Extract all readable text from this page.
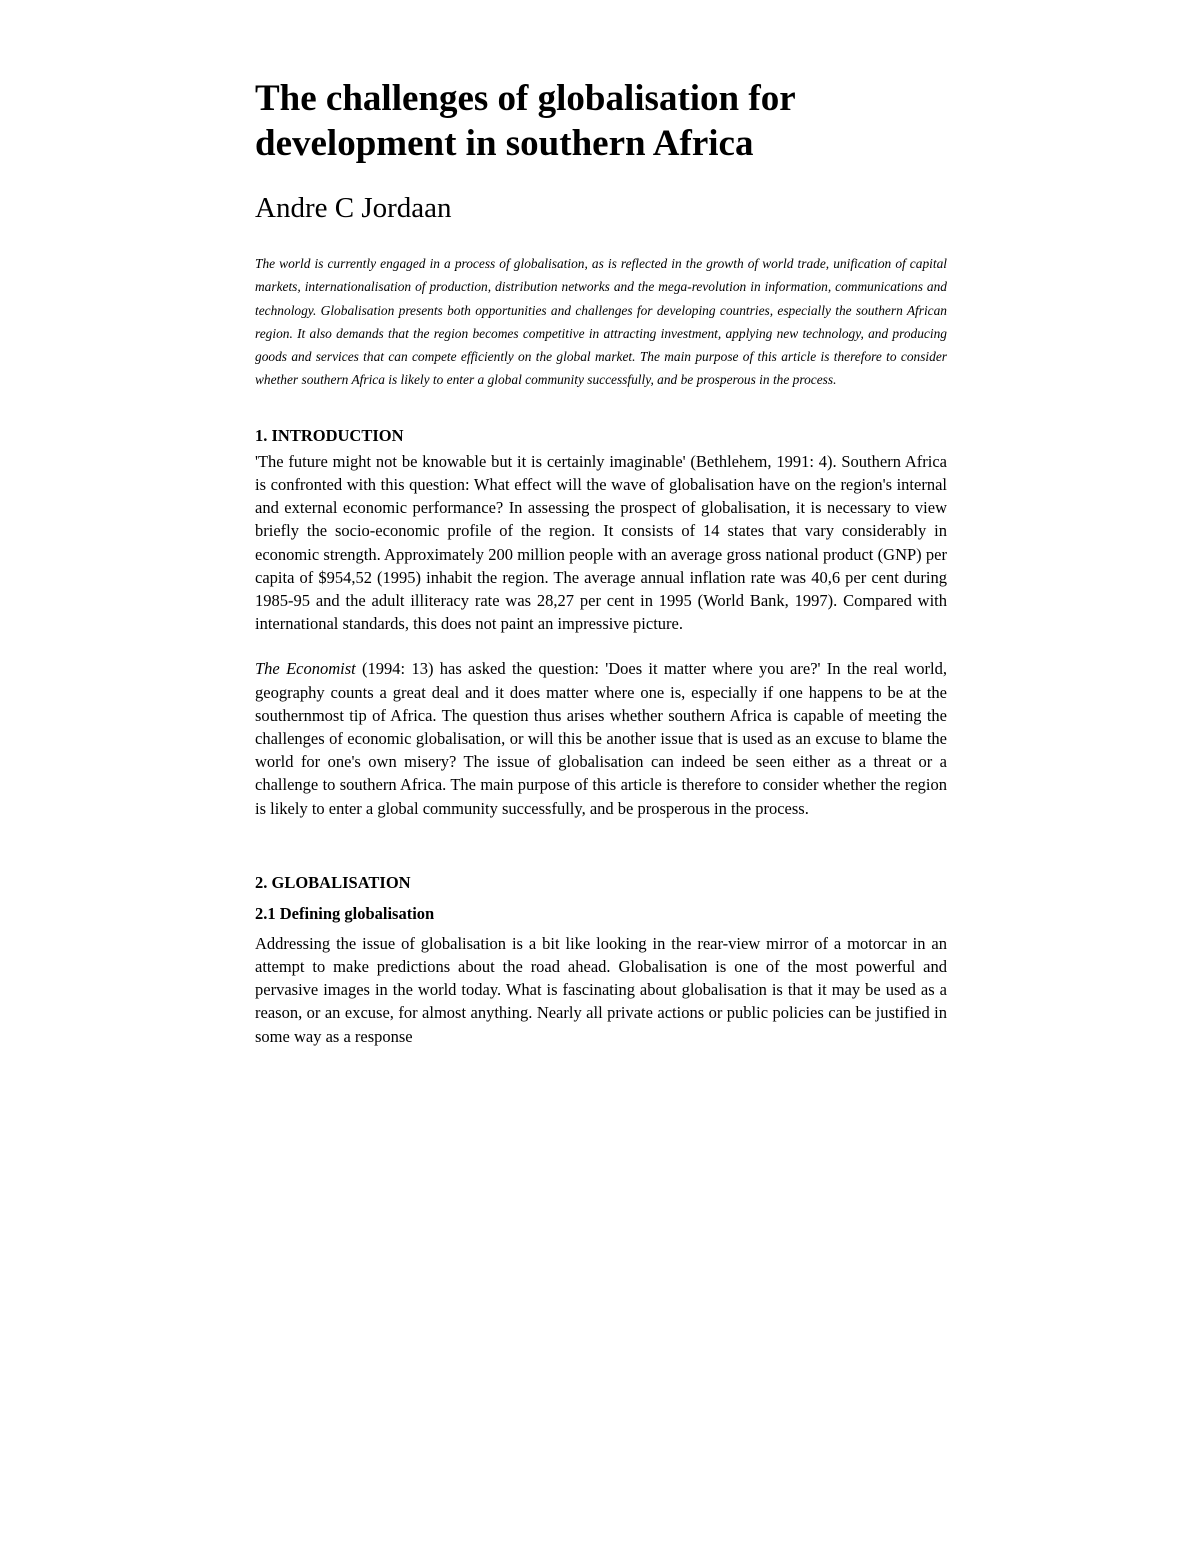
The challenges of globalisation for development in southern Africa

Andre C Jordaan

The world is currently engaged in a process of globalisation, as is reflected in the growth of world trade, unification of capital markets, internationalisation of production, distribution networks and the mega-revolution in information, communications and technology. Globalisation presents both opportunities and challenges for developing countries, especially the southern African region. It also demands that the region becomes competitive in attracting investment, applying new technology, and producing goods and services that can compete efficiently on the global market. The main purpose of this article is therefore to consider whether southern Africa is likely to enter a global community successfully, and be prosperous in the process.

1. INTRODUCTION

'The future might not be knowable but it is certainly imaginable' (Bethlehem, 1991: 4). Southern Africa is confronted with this question: What effect will the wave of globalisation have on the region's internal and external economic performance? In assessing the prospect of globalisation, it is necessary to view briefly the socio-economic profile of the region. It consists of 14 states that vary considerably in economic strength. Approximately 200 million people with an average gross national product (GNP) per capita of $954,52 (1995) inhabit the region. The average annual inflation rate was 40,6 per cent during 1985-95 and the adult illiteracy rate was 28,27 per cent in 1995 (World Bank, 1997). Compared with international standards, this does not paint an impressive picture.

The Economist (1994: 13) has asked the question: 'Does it matter where you are?' In the real world, geography counts a great deal and it does matter where one is, especially if one happens to be at the southernmost tip of Africa. The question thus arises whether southern Africa is capable of meeting the challenges of economic globalisation, or will this be another issue that is used as an excuse to blame the world for one's own misery? The issue of globalisation can indeed be seen either as a threat or a challenge to southern Africa. The main purpose of this article is therefore to consider whether the region is likely to enter a global community successfully, and be prosperous in the process.

2. GLOBALISATION
2.1 Defining globalisation

Addressing the issue of globalisation is a bit like looking in the rear-view mirror of a motorcar in an attempt to make predictions about the road ahead. Globalisation is one of the most powerful and pervasive images in the world today. What is fascinating about globalisation is that it may be used as a reason, or an excuse, for almost anything. Nearly all private actions or public policies can be justified in some way as a response
